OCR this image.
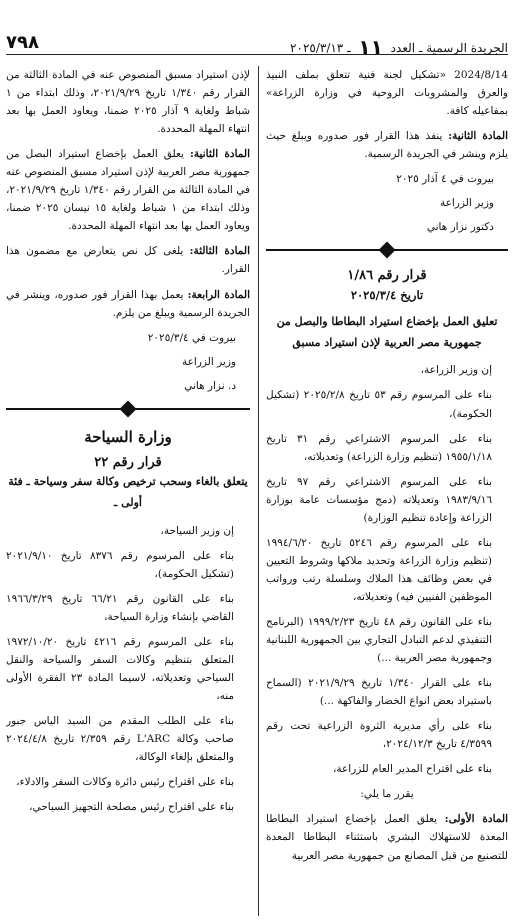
٧٩٨	الجريدة الرسمية ـ العدد ١١ ـ ٢٠٢٥/٣/١٣

2024/8/14 «تشكيل لجنة فنية تتعلق بملف النبيذ والعرق والمشروبات الروحية في وزارة الزراعة» بمفاعيله كافة.

المادة الثانية: ينفذ هذا القرار فور صدوره ويبلغ حيث يلزم وينشر في الجريدة الرسمية.

بيروت في ٤ آذار ٢٠٢٥
وزير الزراعة
دكتور نزار هاني
قرار رقم ١/٨٦
تاريخ ٢٠٢٥/٣/٤
تعليق العمل بإخضاع استيراد البطاطا والبصل من جمهورية مصر العربية لإذن استيراد مسبق

إن وزير الزراعة،

بناء على المرسوم رقم ٥٣ تاريخ ٢٠٢٥/٢/٨ (تشكيل الحكومة)،

بناء على المرسوم الاشتراعي رقم ٣١ تاريخ ١٩٥٥/١/١٨ (تنظيم وزارة الزراعة) وتعديلاته،

بناء على المرسوم الاشتراعي رقم ٩٧ تاريخ ١٩٨٣/٩/١٦ وتعديلاته (دمج مؤسسات عامة بوزارة الزراعة وإعادة تنظيم الوزارة)

بناء على المرسوم رقم ٥٢٤٦ تاريخ ١٩٩٤/٦/٢٠ (تنظيم وزارة الزراعة وتحديد ملاكها وشروط التعيين في بعض وظائف هذا الملاك وسلسلة رتب ورواتب الموظفين الفنيين فيه) وتعديلاته،

بناء على القانون رقم ٤٨ تاريخ ١٩٩٩/٢/٢٣ (البرنامج التنفيذي لدعم التبادل التجاري بين الجمهورية اللبنانية وجمهورية مصر العربية ...)

بناء على القرار ١/٣٤٠ تاريخ ٢٠٢١/٩/٢٩ (السماح باستيراد بعض انواع الخضار والفاكهة ...)

بناء على رأي مديرية الثروة الزراعية تحت رقم ٤/٣٥٩٩ تاريخ ٢٠٢٤/١٢/٣،

بناء على اقتراح المدير العام للزراعة،

يقرر ما يلي:

المادة الأولى: يعلق العمل بإخضاع استيراد البطاطا المعدة للاستهلاك البشري باستثناء البطاطا المعدة للتصنيع من قبل المصانع من جمهورية مصر العربية

لإذن استيراد مسبق المنصوص عنه في المادة الثالثة من القرار رقم ١/٣٤٠ تاريخ ٢٠٢١/٩/٢٩، وذلك ابتداء من ١ شباط ولغاية ٩ آذار ٢٠٢٥ ضمنا، ويعاود العمل بها بعد انتهاء المهلة المحددة.

المادة الثانية: يعلق العمل بإخضاع استيراد البصل من جمهورية مصر العربية لإذن استيراد مسبق المنصوص عنه في المادة الثالثة من القرار رقم ١/٣٤٠ تاريخ ٢٠٢١/٩/٢٩، وذلك ابتداء من ١ شباط ولغاية ١٥ نيسان ٢٠٢٥ ضمنا، ويعاود العمل بها بعد انتهاء المهلة المحددة.

المادة الثالثة: يلغى كل نص يتعارض مع مضمون هذا القرار.

المادة الرابعة: يعمل بهذا القرار فور صدوره، وينشر في الجريدة الرسمية ويبلغ من يلزم.

بيروت في ٢٠٢٥/٣/٤
وزير الزراعة
د. نزار هاني
وزارة السياحة
قرار رقم ٢٢
يتعلق بالغاء وسحب ترخيص وكالة سفر وسياحة ـ فئة أولى ـ

إن وزير السياحة،

بناء على المرسوم رقم ٨٣٧٦ تاريخ ٢٠٢١/٩/١٠ (تشكيل الحكومة)،

بناء على القانون رقم ٦٦/٢١ تاريخ ١٩٦٦/٣/٢٩ القاضي بإنشاء وزارة السياحة،

بناء على المرسوم رقم ٤٢١٦ تاريخ ١٩٧٢/١٠/٢٠ المتعلق بتنظيم وكالات السفر والسياحة والنقل السياحي وتعديلاته، لاسيما المادة ٢٣ الفقرة الأولى منه،

بناء على الطلب المقدم من السيد الياس جبور صاحب وكالة L'ARC رقم ٢/٣٥٩ تاريخ ٢٠٢٤/٤/٨ والمتعلق بإلغاء الوكالة،

بناء على اقتراح رئيس دائرة وكالات السفر والادلاء،

بناء على اقتراح رئيس مصلحة التجهيز السياحي،
